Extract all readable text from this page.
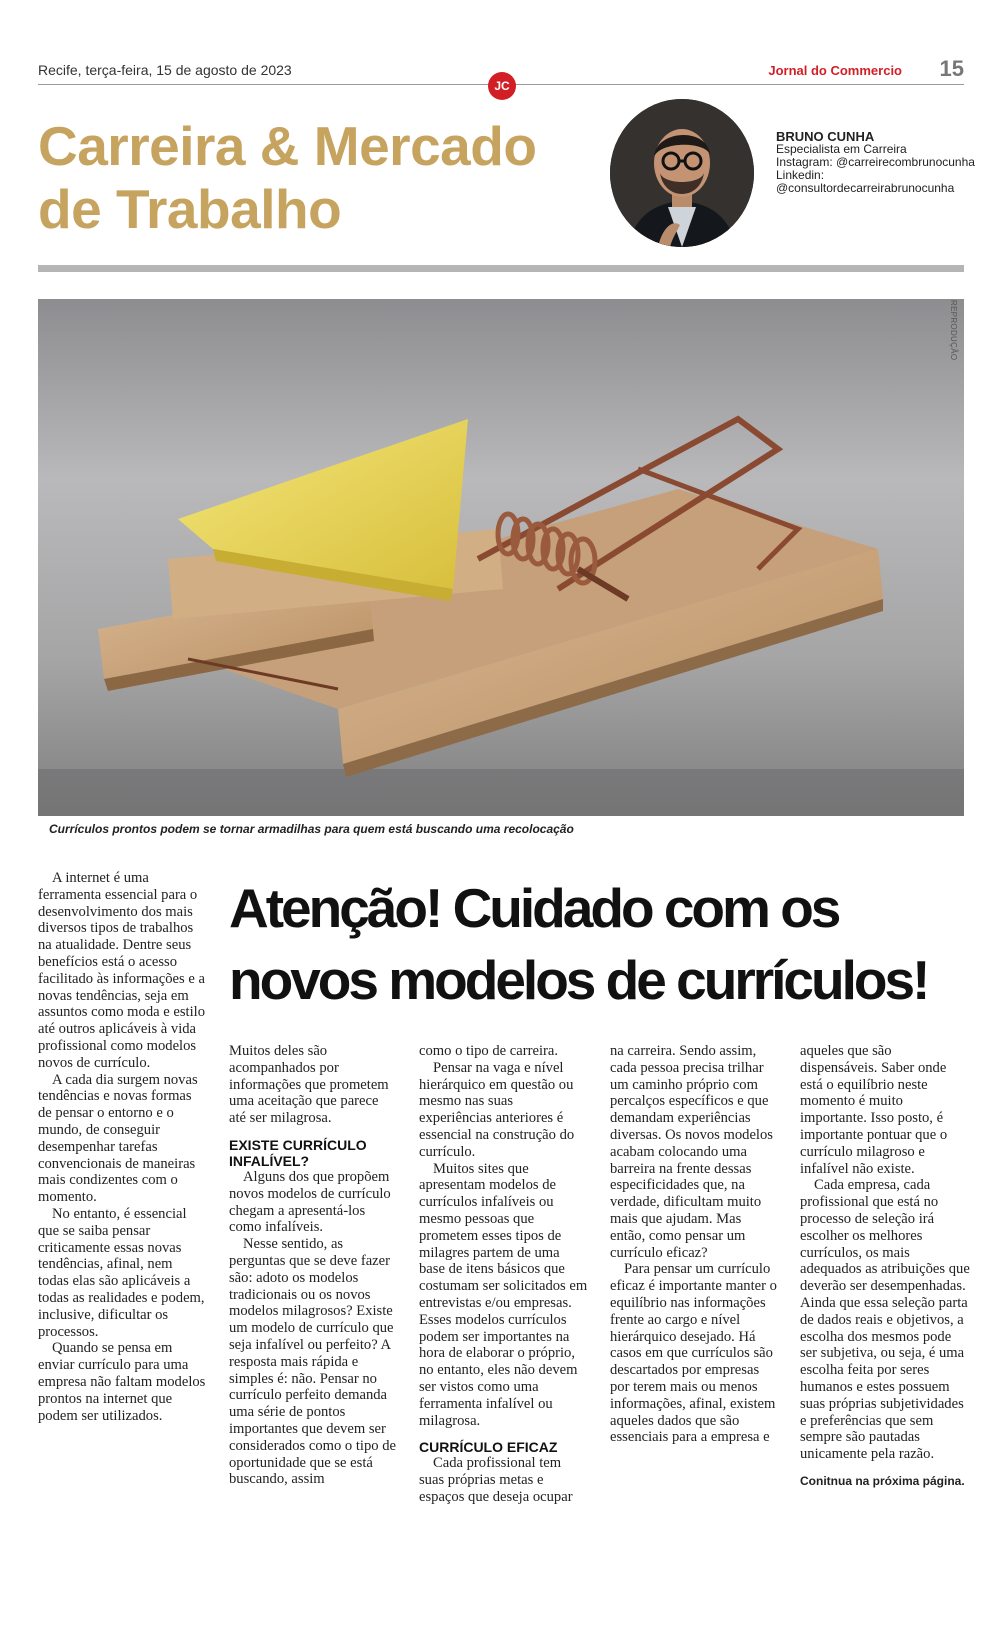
Recife, terça-feira, 15 de agosto de 2023
JC
Jornal do Commercio 15
Carreira & Mercado
de Trabalho
BRUNO CUNHA
Especialista em Carreira
Instagram: @carreirecombrunocunha
Linkedin:
@consultordecarreirabrunocunha
REPRODUÇÃO
Currículos prontos podem se tornar armadilhas para quem está buscando uma recolocação
Atenção! Cuidado com os
novos modelos de currículos!

A internet é uma ferramenta essencial para o desenvolvimento dos mais diversos tipos de trabalhos na atualidade. Dentre seus benefícios está o acesso facilitado às informações e a novas tendências, seja em assuntos como moda e estilo até outros aplicáveis à vida profissional como modelos novos de currículo.

A cada dia surgem novas tendências e novas formas de pensar o entorno e o mundo, de conseguir desempenhar tarefas convencionais de maneiras mais condizentes com o momento.

No entanto, é essencial que se saiba pensar criticamente essas novas tendências, afinal, nem todas elas são aplicáveis a todas as realidades e podem, inclusive, dificultar os processos.

Quando se pensa em enviar currículo para uma empresa não faltam modelos prontos na internet que podem ser utilizados.

Muitos deles são acompanhados por informações que prometem uma aceitação que parece até ser milagrosa.

EXISTE CURRÍCULO INFALÍVEL?

Alguns dos que propõem novos modelos de currículo chegam a apresentá-los como infalíveis.

Nesse sentido, as perguntas que se deve fazer são: adoto os modelos tradicionais ou os novos modelos milagrosos? Existe um modelo de currículo que seja infalível ou perfeito? A resposta mais rápida e simples é: não. Pensar no currículo perfeito demanda uma série de pontos importantes que devem ser considerados como o tipo de oportunidade que se está buscando, assim

como o tipo de carreira.

Pensar na vaga e nível hierárquico em questão ou mesmo nas suas experiências anteriores é essencial na construção do currículo.

Muitos sites que apresentam modelos de currículos infalíveis ou mesmo pessoas que prometem esses tipos de milagres partem de uma base de itens básicos que costumam ser solicitados em entrevistas e/ou empresas. Esses modelos currículos podem ser importantes na hora de elaborar o próprio, no entanto, eles não devem ser vistos como uma ferramenta infalível ou milagrosa.

CURRÍCULO EFICAZ

Cada profissional tem suas próprias metas e espaços que deseja ocupar

na carreira. Sendo assim, cada pessoa precisa trilhar um caminho próprio com percalços específicos e que demandam experiências diversas. Os novos modelos acabam colocando uma barreira na frente dessas especificidades que, na verdade, dificultam muito mais que ajudam. Mas então, como pensar um currículo eficaz?

Para pensar um currículo eficaz é importante manter o equilíbrio nas informações frente ao cargo e nível hierárquico desejado. Há casos em que currículos são descartados por empresas por terem mais ou menos informações, afinal, existem aqueles dados que são essenciais para a empresa e

aqueles que são dispensáveis. Saber onde está o equilíbrio neste momento é muito importante. Isso posto, é importante pontuar que o currículo milagroso e infalível não existe.

Cada empresa, cada profissional que está no processo de seleção irá escolher os melhores currículos, os mais adequados as atribuições que deverão ser desempenhadas. Ainda que essa seleção parta de dados reais e objetivos, a escolha dos mesmos pode ser subjetiva, ou seja, é uma escolha feita por seres humanos e estes possuem suas próprias subjetividades e preferências que sem sempre são pautadas unicamente pela razão.

Conitnua na próxima página.
